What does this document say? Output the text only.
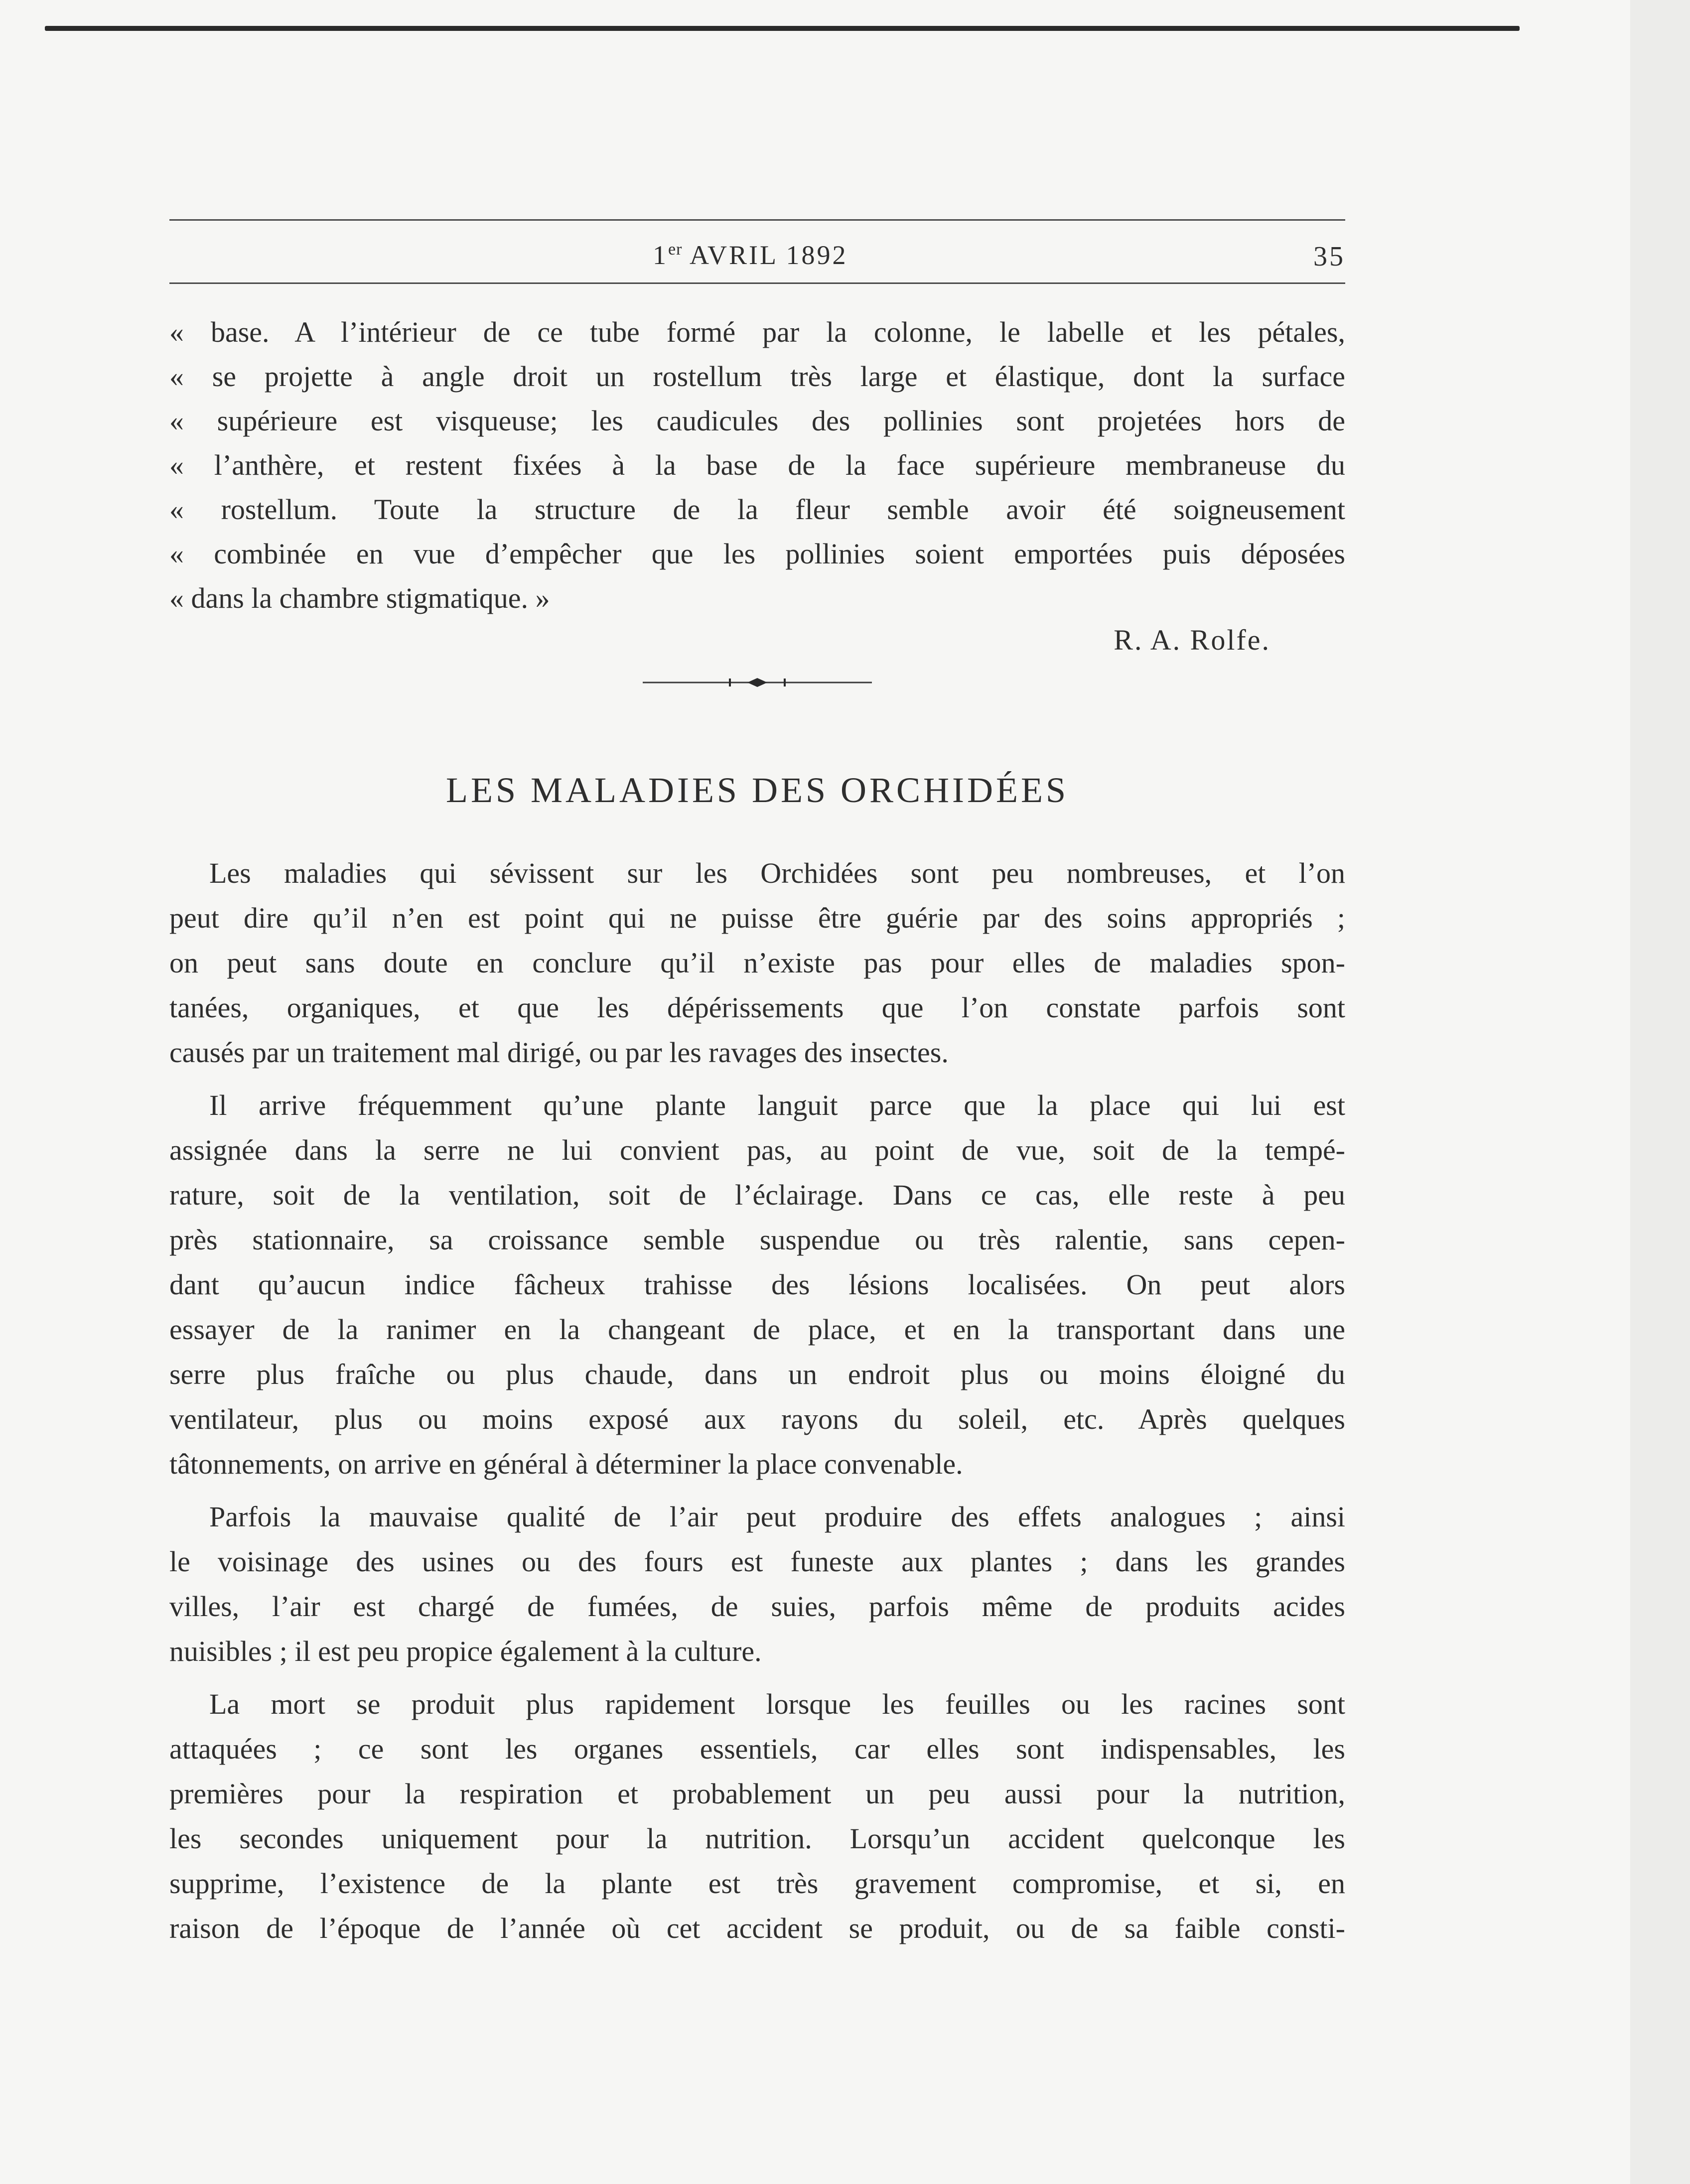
1er AVRIL 1892	35
« base. A l’intérieur de ce tube formé par la colonne, le labelle et les pétales,
« se projette à angle droit un rostellum très large et élastique, dont la surface
« supérieure est visqueuse; les caudicules des pollinies sont projetées hors de
« l’anthère, et restent fixées à la base de la face supérieure membraneuse du
« rostellum. Toute la structure de la fleur semble avoir été soigneusement
« combinée en vue d’empêcher que les pollinies soient emportées puis déposées
« dans la chambre stigmatique. »
R. A. Rolfe.
LES MALADIES DES ORCHIDÉES
Les maladies qui sévissent sur les Orchidées sont peu nombreuses, et l’on
peut dire qu’il n’en est point qui ne puisse être guérie par des soins appropriés ;
on peut sans doute en conclure qu’il n’existe pas pour elles de maladies spon-
tanées, organiques, et que les dépérissements que l’on constate parfois sont
causés par un traitement mal dirigé, ou par les ravages des insectes.
Il arrive fréquemment qu’une plante languit parce que la place qui lui est
assignée dans la serre ne lui convient pas, au point de vue, soit de la tempé-
rature, soit de la ventilation, soit de l’éclairage. Dans ce cas, elle reste à peu
près stationnaire, sa croissance semble suspendue ou très ralentie, sans cepen-
dant qu’aucun indice fâcheux trahisse des lésions localisées. On peut alors
essayer de la ranimer en la changeant de place, et en la transportant dans une
serre plus fraîche ou plus chaude, dans un endroit plus ou moins éloigné du
ventilateur, plus ou moins exposé aux rayons du soleil, etc. Après quelques
tâtonnements, on arrive en général à déterminer la place convenable.
Parfois la mauvaise qualité de l’air peut produire des effets analogues ; ainsi
le voisinage des usines ou des fours est funeste aux plantes ; dans les grandes
villes, l’air est chargé de fumées, de suies, parfois même de produits acides
nuisibles ; il est peu propice également à la culture.
La mort se produit plus rapidement lorsque les feuilles ou les racines sont
attaquées ; ce sont les organes essentiels, car elles sont indispensables, les
premières pour la respiration et probablement un peu aussi pour la nutrition,
les secondes uniquement pour la nutrition. Lorsqu’un accident quelconque les
supprime, l’existence de la plante est très gravement compromise, et si, en
raison de l’époque de l’année où cet accident se produit, ou de sa faible consti-
